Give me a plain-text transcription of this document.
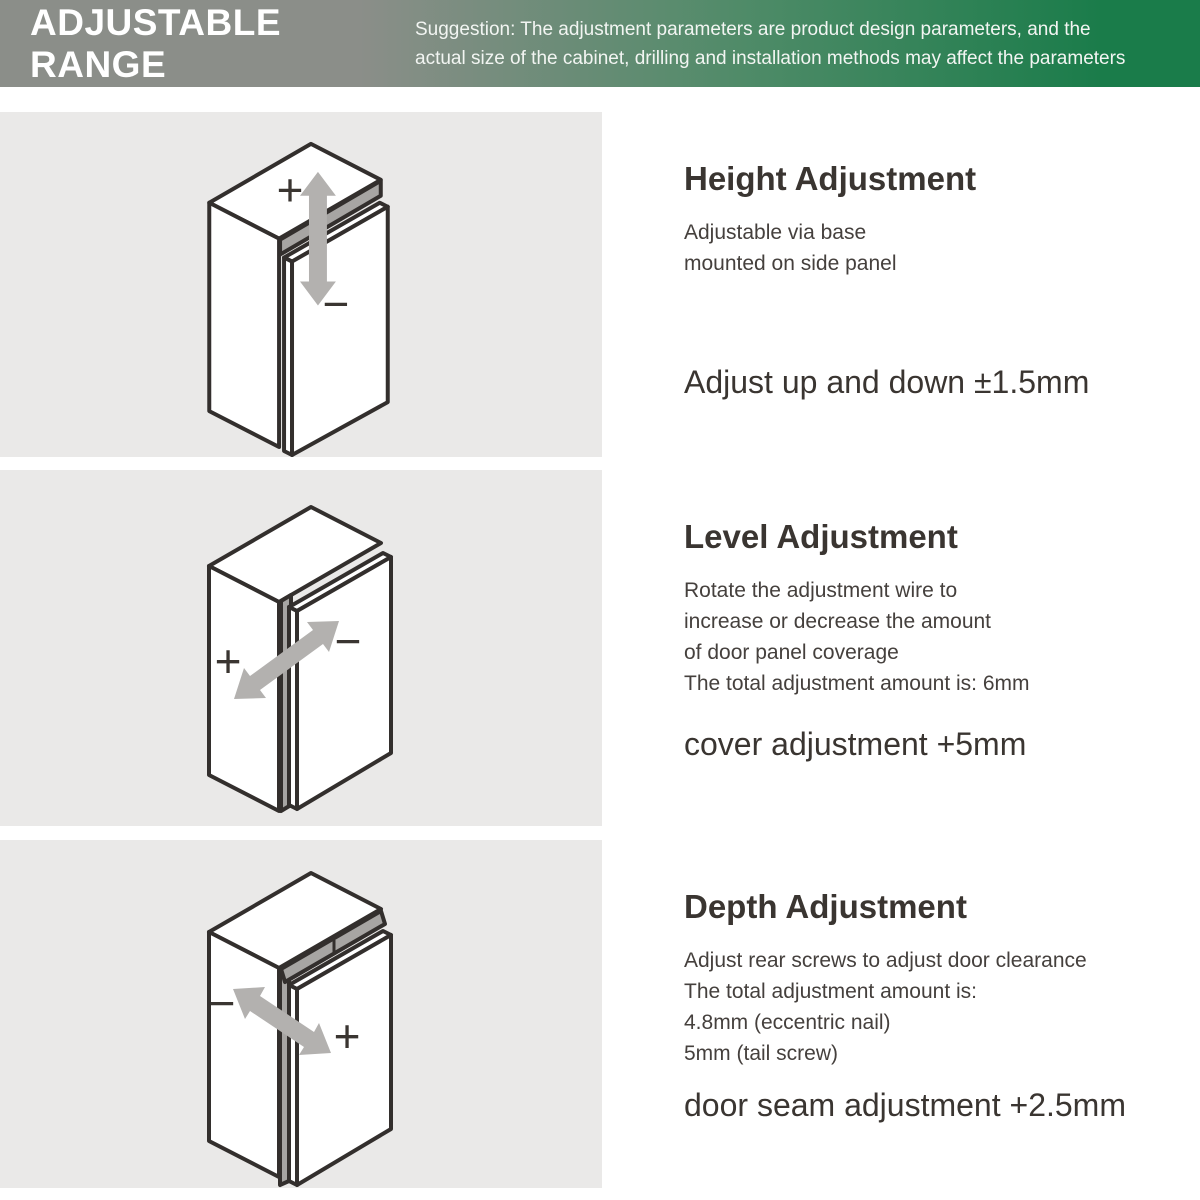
ADJUSTABLE RANGE
Suggestion: The adjustment parameters are product design parameters, and the
actual size of the cabinet, drilling and installation methods may affect the parameters
+
−
+ −
−
+
Height Adjustment
Adjustable via base
mounted on side panel
Adjust up and down ±1.5mm
Level Adjustment
Rotate the adjustment wire to
increase or decrease the amount
of door panel coverage
The total adjustment amount is: 6mm
cover adjustment +5mm
Depth Adjustment
Adjust rear screws to adjust door clearance
The total adjustment amount is:
4.8mm (eccentric nail)
5mm (tail screw)
door seam adjustment +2.5mm
